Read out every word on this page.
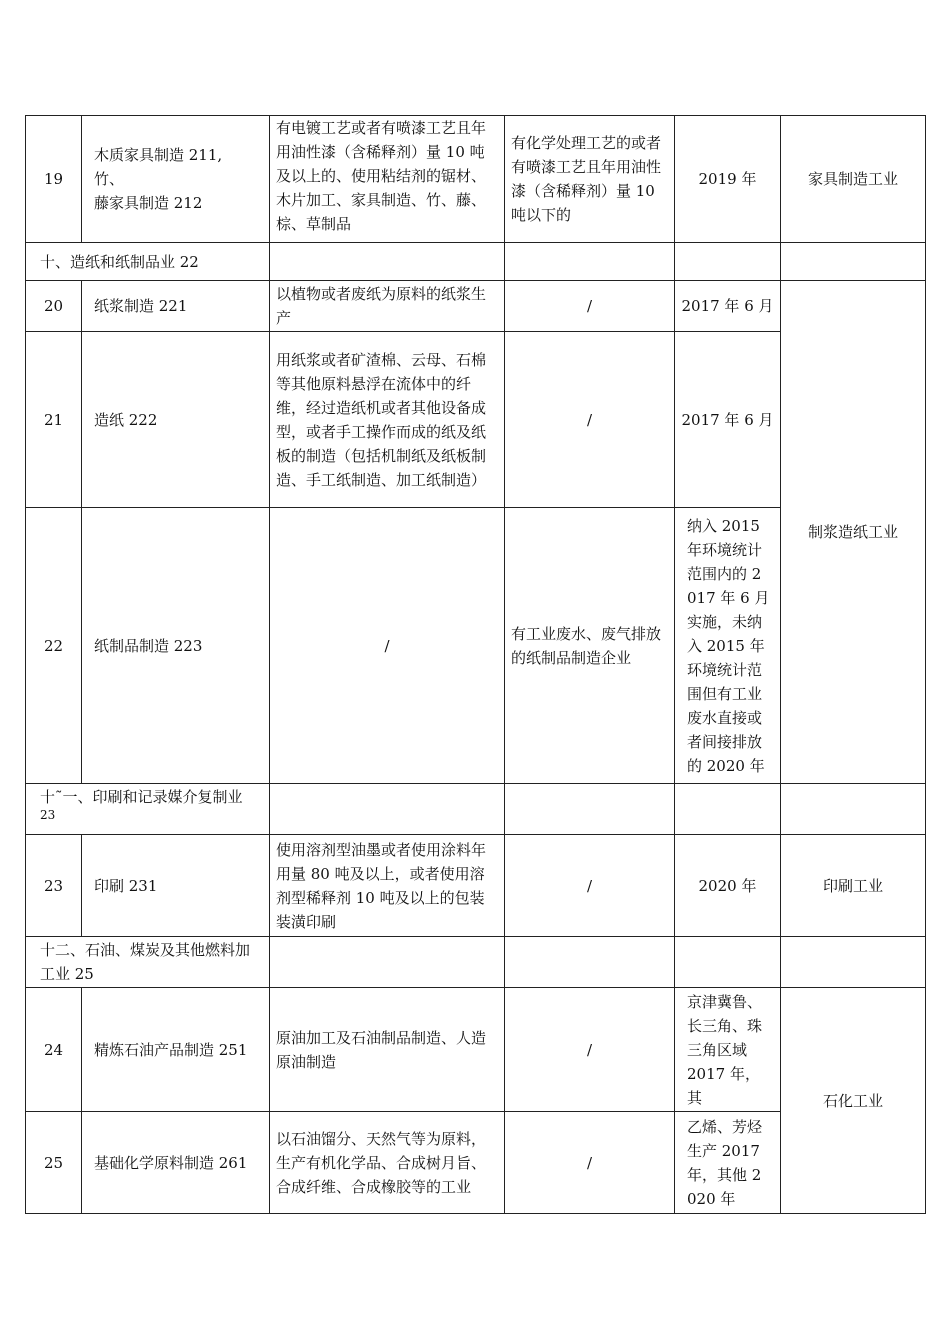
19	木质家具制造 211,
竹、
藤家具制造 212	有电镀工艺或者有喷漆工艺且年用油性漆（含稀释剂）量 10 吨及以上的、使用粘结剂的锯材、木片加工、家具制造、竹、藤、棕、草制品	有化学处理工艺的或者有喷漆工艺且年用油性漆（含稀释剂）量 10 吨以下的	2019 年	家具制造工业
十、造纸和纸制品业 22					
20	纸浆制造 221	以植物或者废纸为原料的纸浆生产	/	2017 年 6 月	制浆造纸工业
21	造纸 222	用纸浆或者矿渣棉、云母、石棉等其他原料悬浮在流体中的纤维，经过造纸机或者其他设备成型，或者手工操作而成的纸及纸板的制造（包括机制纸及纸板制造、手工纸制造、加工纸制造）	/	2017 年 6 月	
22	纸制品制造 223	/	有工业废水、废气排放的纸制品制造企业	纳入 2015 年环境统计范围内的 2 017 年 6 月实施，未纳入 2015 年环境统计范围但有工业废水直接或者间接排放的 2020 年	
十˜一、印刷和记录媒介复制业
23					

23	印刷 231	使用溶剂型油墨或者使用涂料年用量 80 吨及以上，或者使用溶剂型稀释剂 10 吨及以上的包装装潢印刷	/	2020 年	印刷工业
十二、石油、煤炭及其他燃料加工业 25					
24	精炼石油产品制造 251	原油加工及石油制品制造、人造原油制造	/	京津冀鲁、长三角、珠三角区域 2017 年，其	石化工业
25	基础化学原料制造 261	以石油馏分、天然气等为原料，生产有机化学品、合成树月旨、合成纤维、合成橡胶等的工业	/	乙烯、芳烃生产 2017 年，其他 2 020 年	
